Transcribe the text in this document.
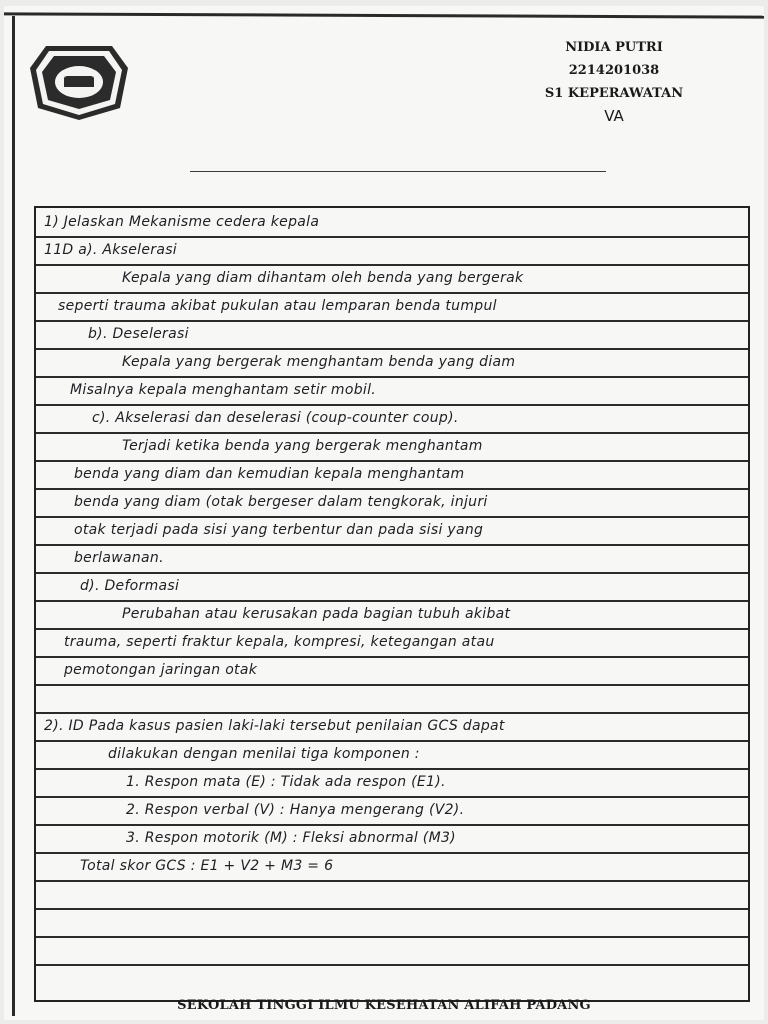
NIDIA PUTRI
2214201038
S1 KEPERAWATAN
VA
1) Jelaskan Mekanisme cedera kepala
11D a). Akselerasi
Kepala yang diam dihantam oleh benda yang bergerak
seperti trauma akibat pukulan atau lemparan benda tumpul
b). Deselerasi
Kepala yang bergerak menghantam benda yang diam
Misalnya kepala menghantam setir mobil.
c). Akselerasi dan deselerasi (coup-counter coup).
Terjadi ketika benda yang bergerak menghantam
benda yang diam dan kemudian kepala menghantam
benda yang diam (otak bergeser dalam tengkorak, injuri
otak terjadi pada sisi yang terbentur dan pada sisi yang
berlawanan.
d). Deformasi
Perubahan atau kerusakan pada bagian tubuh akibat
trauma, seperti fraktur kepala, kompresi, ketegangan atau
pemotongan jaringan otak
2). ID Pada kasus pasien laki-laki tersebut penilaian GCS dapat
dilakukan dengan menilai tiga komponen :
1. Respon mata (E) : Tidak ada respon (E1).
2. Respon verbal (V) : Hanya mengerang (V2).
3. Respon motorik (M) : Fleksi abnormal (M3)
Total skor GCS : E1 + V2 + M3 = 6
SEKOLAH TINGGI ILMU KESEHATAN ALIFAH PADANG
